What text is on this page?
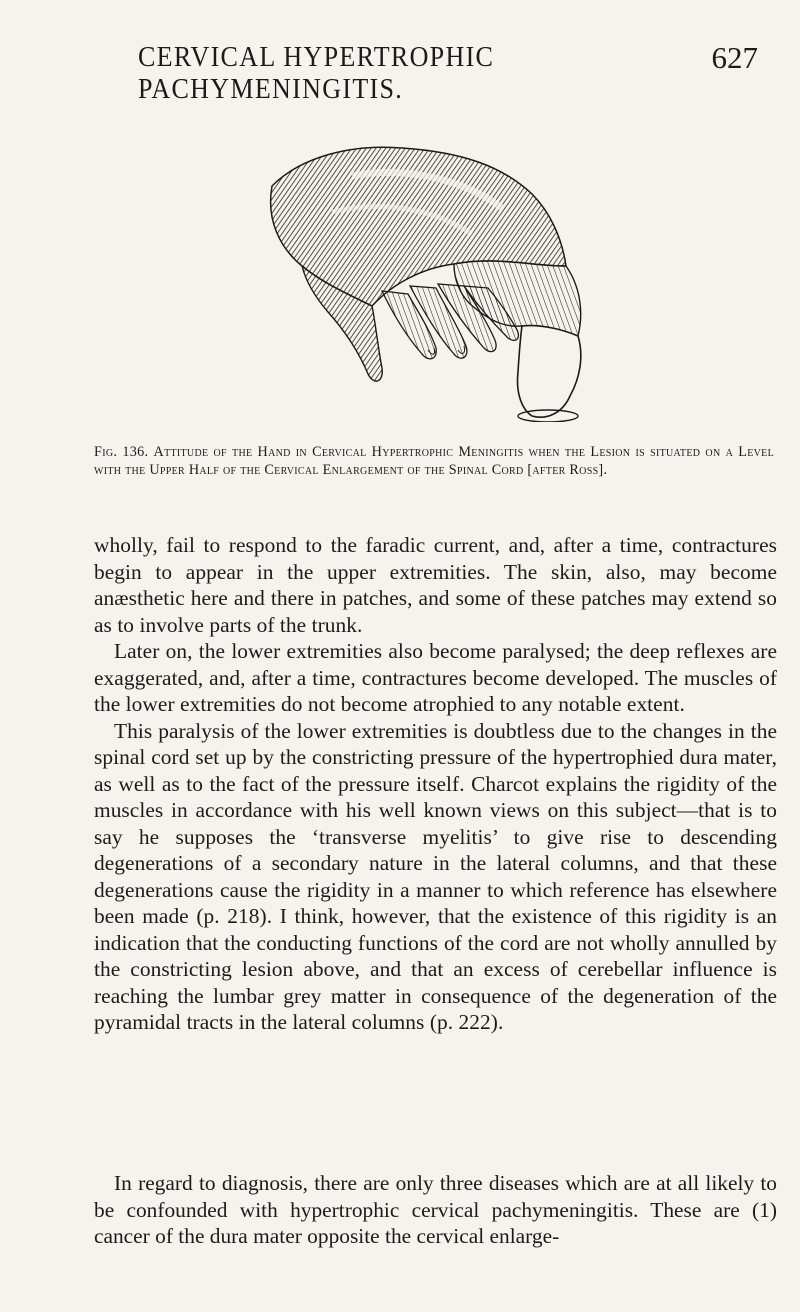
CERVICAL HYPERTROPHIC PACHYMENINGITIS.
627
Fig. 136. Attitude of the Hand in Cervical Hypertrophic Meningitis when the Lesion is situated on a Level with the Upper Half of the Cervical Enlargement of the Spinal Cord [after Ross].

wholly, fail to respond to the faradic current, and, after a time, contractures begin to appear in the upper extremities. The skin, also, may become anæsthetic here and there in patches, and some of these patches may extend so as to involve parts of the trunk.

Later on, the lower extremities also become paralysed; the deep reflexes are exaggerated, and, after a time, contractures become developed. The muscles of the lower extremities do not become atrophied to any notable extent.

This paralysis of the lower extremities is doubtless due to the changes in the spinal cord set up by the constricting pressure of the hypertrophied dura mater, as well as to the fact of the pressure itself. Charcot explains the rigidity of the muscles in accordance with his well known views on this subject—that is to say he supposes the ‘transverse myelitis’ to give rise to descending degenerations of a secondary nature in the lateral columns, and that these degenerations cause the rigidity in a manner to which reference has elsewhere been made (p. 218). I think, however, that the existence of this rigidity is an indication that the conducting functions of the cord are not wholly annulled by the constricting lesion above, and that an excess of cerebellar influence is reaching the lumbar grey matter in consequence of the degeneration of the pyramidal tracts in the lateral columns (p. 222).

In regard to diagnosis, there are only three diseases which are at all likely to be confounded with hypertrophic cervical pachymeningitis. These are (1) cancer of the dura mater opposite the cervical enlarge-
